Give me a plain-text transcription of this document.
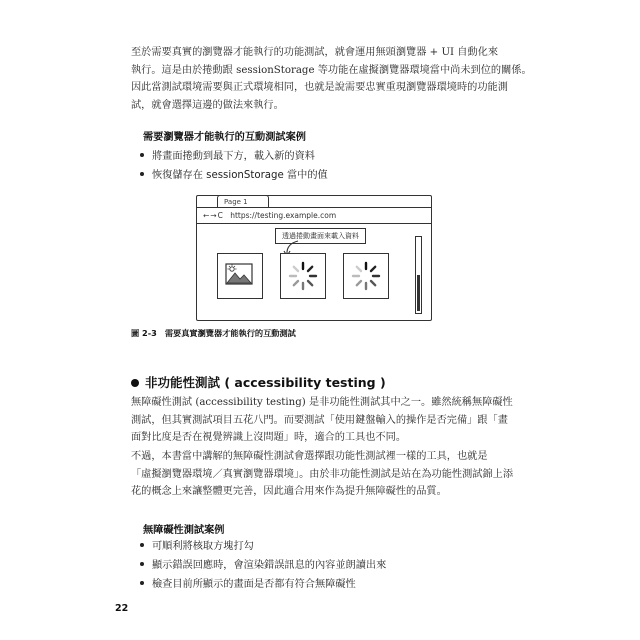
至於需要真實的瀏覽器才能執行的功能測試，就會運用無頭瀏覽器 + UI 自動化來
執行。這是由於捲動跟 sessionStorage 等功能在虛擬瀏覽器環境當中尚未到位的關係。
因此當測試環境需要與正式環境相同，也就是說需要忠實重現瀏覽器環境時的功能測
試，就會選擇這邊的做法來執行。

需要瀏覽器才能執行的互動測試案例
將畫面捲動到最下方，載入新的資料
恢復儲存在 sessionStorage 當中的值
Page 1
←→C https://testing.example.com
透過捲動畫面來載入資料
圖 2-3 需要真實瀏覽器才能執行的互動測試
非功能性測試 ( accessibility testing )

無障礙性測試 (accessibility testing) 是非功能性測試其中之一。雖然統稱無障礙性
測試，但其實測試項目五花八門。而要測試「使用鍵盤輸入的操作是否完備」跟「畫
面對比度是否在視覺辨識上沒問題」時，適合的工具也不同。

不過，本書當中講解的無障礙性測試會選擇跟功能性測試裡一樣的工具，也就是
「虛擬瀏覽器環境／真實瀏覽器環境」。由於非功能性測試是站在為功能性測試錦上添
花的概念上來讓整體更完善，因此適合用來作為提升無障礙性的品質。

無障礙性測試案例
可順利將核取方塊打勾
顯示錯誤回應時，會渲染錯誤訊息的內容並朗讀出來
檢查目前所顯示的畫面是否都有符合無障礙性
22
